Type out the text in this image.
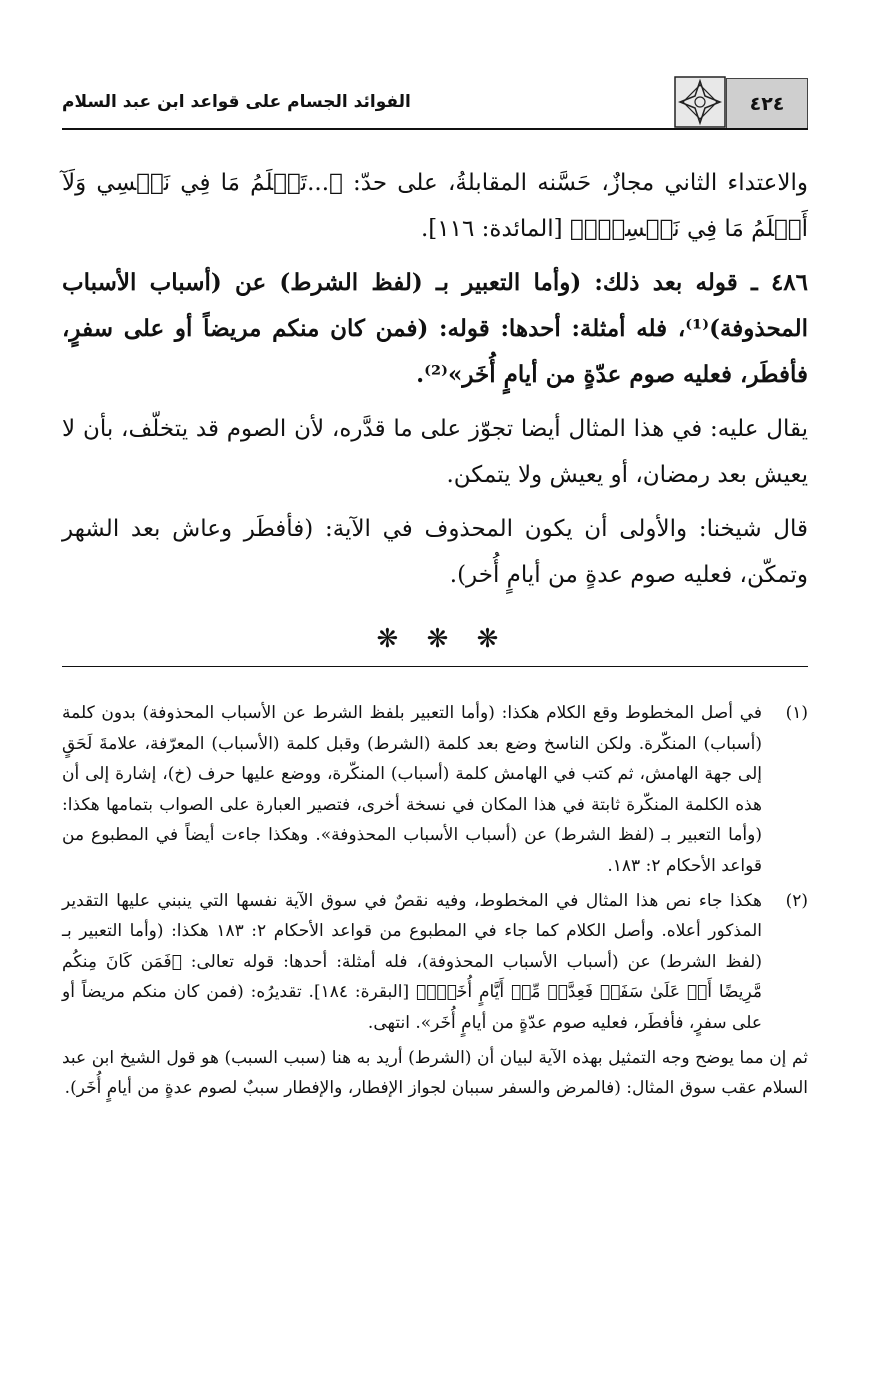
الفوائد الجسام على قواعد ابن عبد السلام	٤٢٤

والاعتداء الثاني مجازٌ، حَسَّنه المقابلةُ، على حدّ: ﴿...تَعۡلَمُ مَا فِي نَفۡسِي وَلَآ أَعۡلَمُ مَا فِي نَفۡسِكَۚ﴾ [المائدة: ١١٦].

٤٨٦ ـ قوله بعد ذلك: (وأما التعبير بـ (لفظ الشرط) عن (أسباب الأسباب المحذوفة)⁽¹⁾، فله أمثلة: أحدها: قوله: (فمن كان منكم مريضاً أو على سفرٍ، فأفطَر، فعليه صوم عدّةٍ من أيامٍ أُخَر»⁽²⁾.

يقال عليه: في هذا المثال أيضا تجوّز على ما قدَّره، لأن الصوم قد يتخلّف، بأن لا يعيش بعد رمضان، أو يعيش ولا يتمكن.

قال شيخنا: والأولى أن يكون المحذوف في الآية: (فأفطَر وعاش بعد الشهر وتمكّن، فعليه صوم عدةٍ من أيامٍ أُخر).

❋ ❋ ❋
(١)
في أصل المخطوط وقع الكلام هكذا: (وأما التعبير بلفظ الشرط عن الأسباب المحذوفة) بدون كلمة (أسباب) المنكّرة. ولكن الناسخ وضع بعد كلمة (الشرط) وقبل كلمة (الأسباب) المعرّفة، علامةَ لَحَقٍ إلى جهة الهامش، ثم كتب في الهامش كلمة (أسباب) المنكّرة، ووضع عليها حرف (خ)، إشارة إلى أن هذه الكلمة المنكّرة ثابتة في هذا المكان في نسخة أخرى، فتصير العبارة على الصواب بتمامها هكذا: (وأما التعبير بـ (لفظ الشرط) عن (أسباب الأسباب المحذوفة». وهكذا جاءت أيضاً في المطبوع من قواعد الأحكام ٢: ١٨٣.
(٢)
هكذا جاء نص هذا المثال في المخطوط، وفيه نقصٌ في سوق الآية نفسها التي ينبني عليها التقدير المذكور أعلاه. وأصل الكلام كما جاء في المطبوع من قواعد الأحكام ٢: ١٨٣ هكذا: (وأما التعبير بـ (لفظ الشرط) عن (أسباب الأسباب المحذوفة)، فله أمثلة: أحدها: قوله تعالى: ﴿فَمَن كَانَ مِنكُم مَّرِيضًا أَوۡ عَلَىٰ سَفَرٖ فَعِدَّةٞ مِّنۡ أَيَّامٍ أُخَرَۚ﴾ [البقرة: ١٨٤]. تقديرُه: (فمن كان منكم مريضاً أو على سفرٍ، فأفطَر، فعليه صوم عدّةٍ من أيامٍ أُخَر». انتهى.

ثم إن مما يوضح وجه التمثيل بهذه الآية لبيان أن (الشرط) أريد به هنا (سبب السبب) هو قول الشيخ ابن عبد السلام عقب سوق المثال: (فالمرض والسفر سببان لجواز الإفطار، والإفطار سببٌ لصوم عدةٍ من أيامٍ أُخَر).
